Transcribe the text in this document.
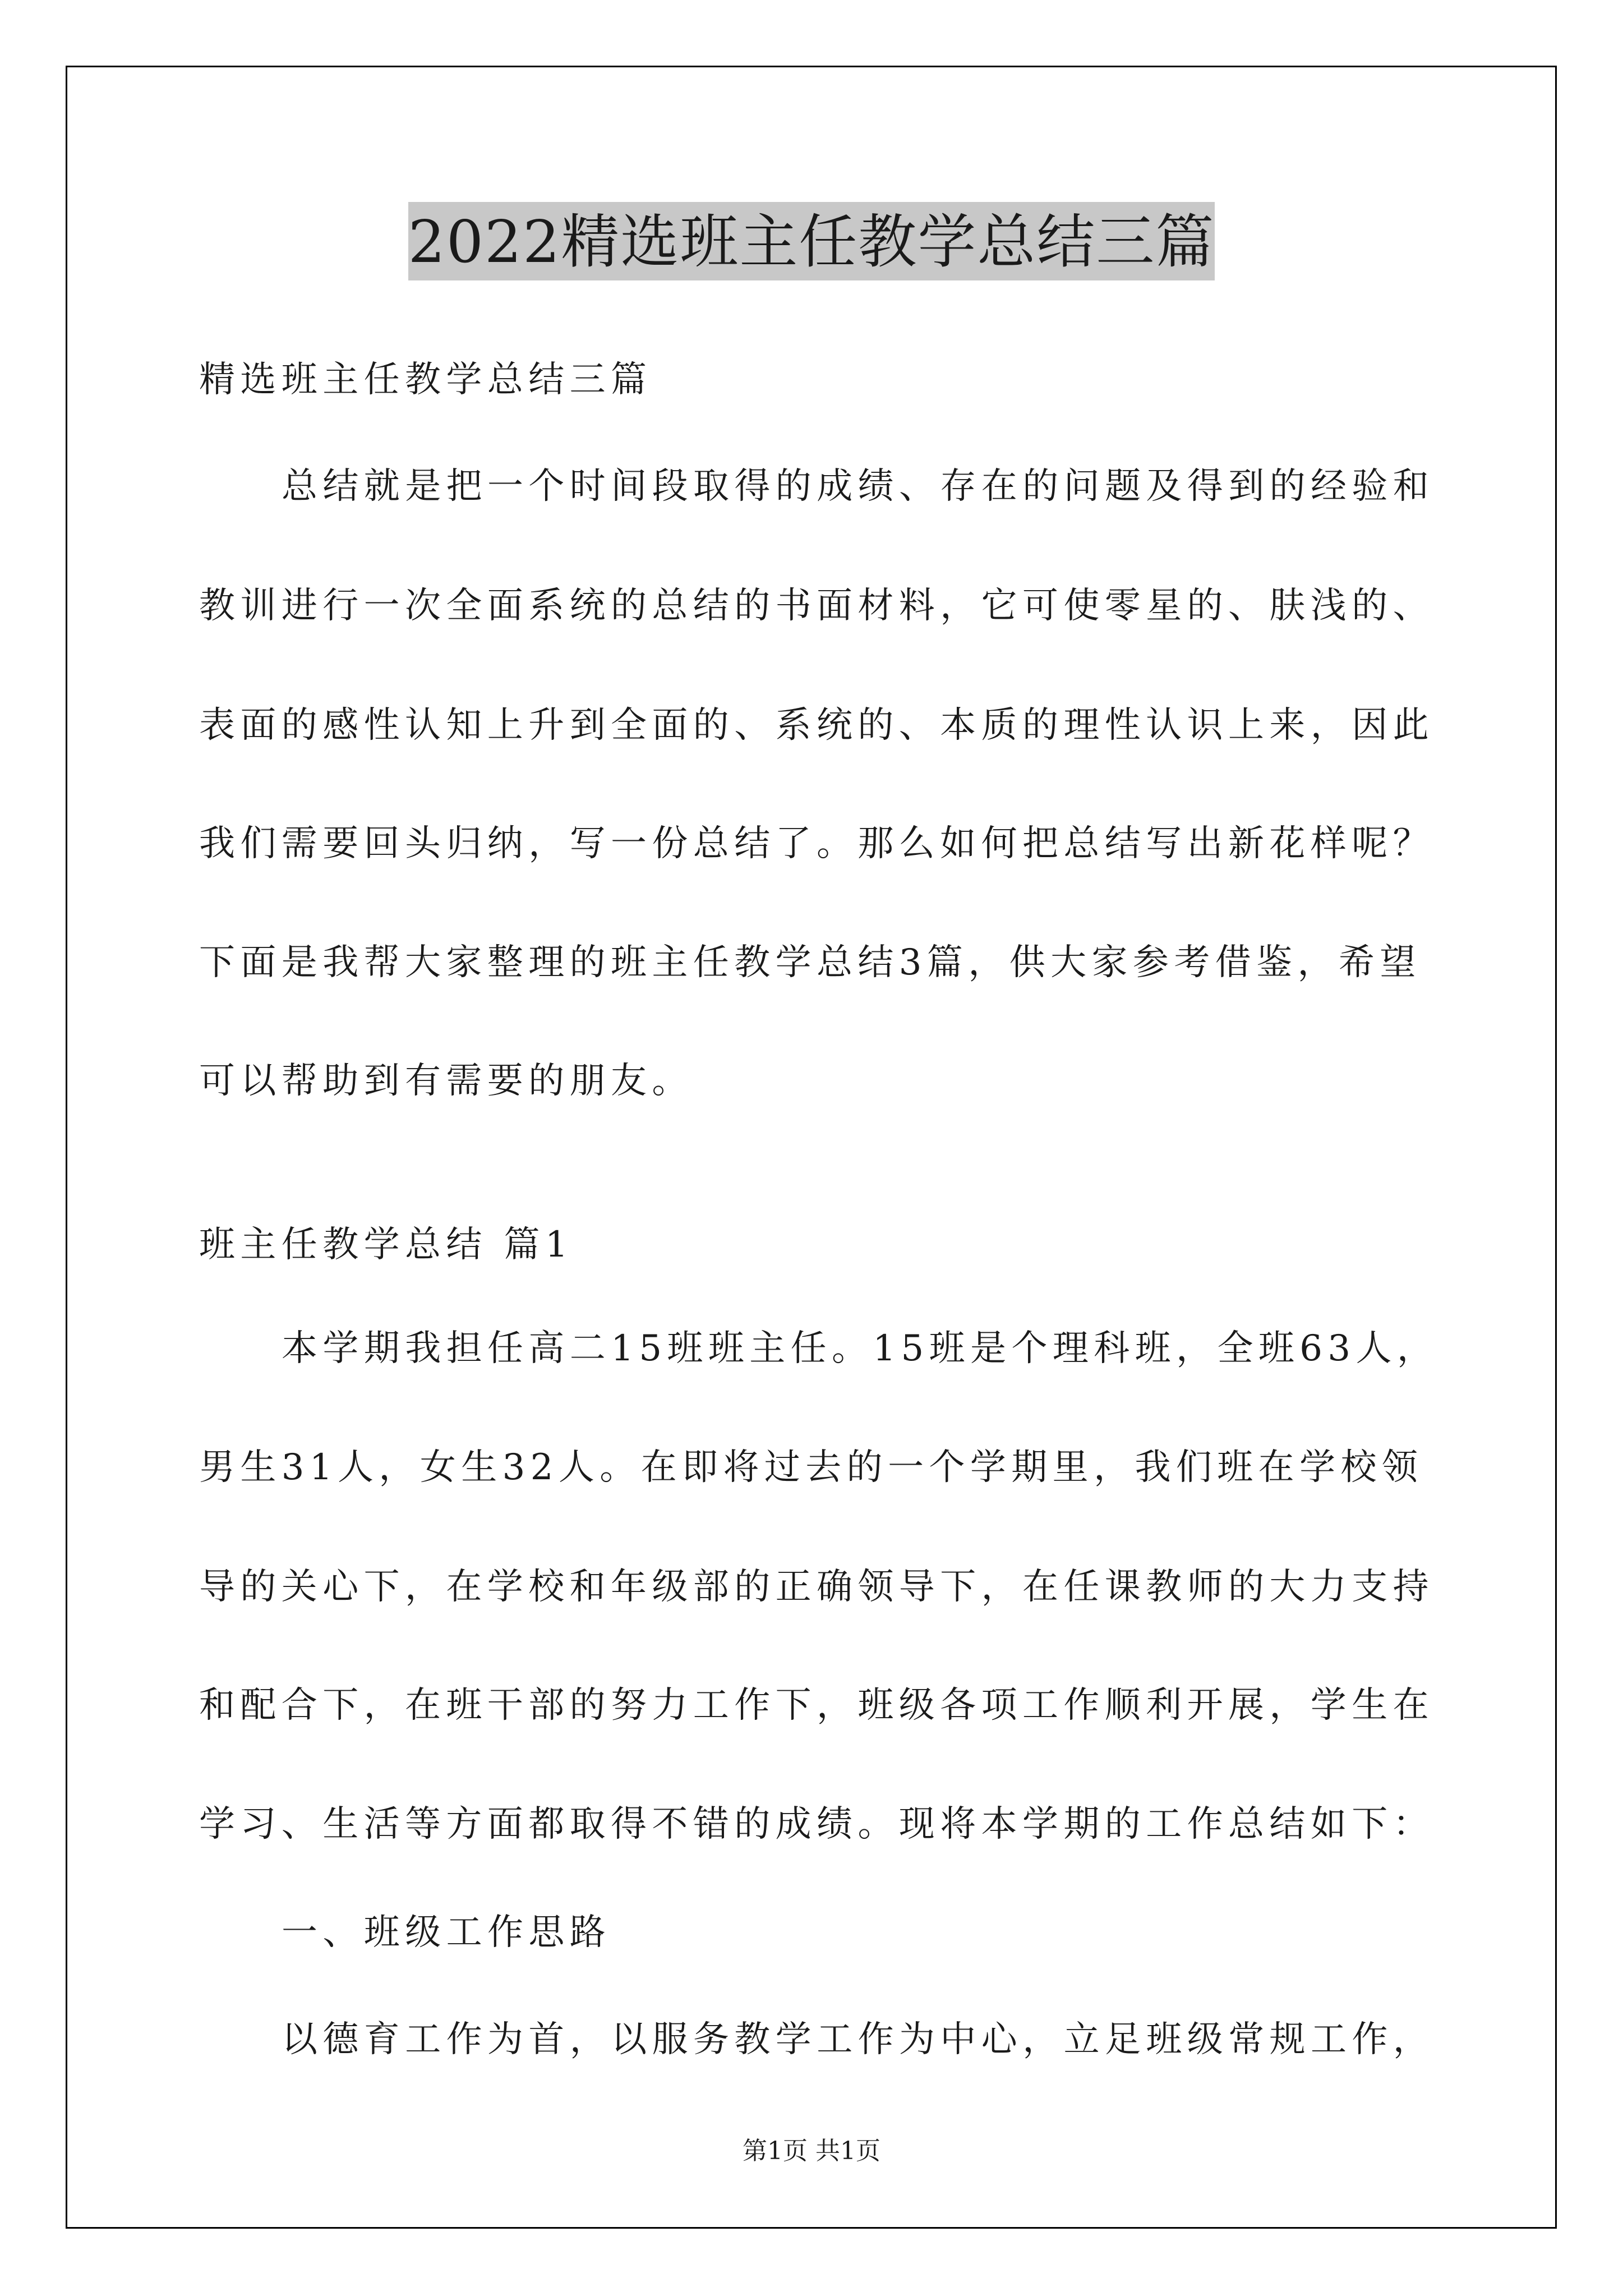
2022精选班主任教学总结三篇
精选班主任教学总结三篇
总结就是把一个时间段取得的成绩、存在的问题及得到的经验和
教训进行一次全面系统的总结的书面材料，它可使零星的、肤浅的、
表面的感性认知上升到全面的、系统的、本质的理性认识上来，因此
我们需要回头归纳，写一份总结了。那么如何把总结写出新花样呢？
下面是我帮大家整理的班主任教学总结3篇，供大家参考借鉴，希望
可以帮助到有需要的朋友。
班主任教学总结 篇1
本学期我担任高二15班班主任。15班是个理科班，全班63人，
男生31人，女生32人。在即将过去的一个学期里，我们班在学校领
导的关心下，在学校和年级部的正确领导下，在任课教师的大力支持
和配合下，在班干部的努力工作下，班级各项工作顺利开展，学生在
学习、生活等方面都取得不错的成绩。现将本学期的工作总结如下：
一、班级工作思路
以德育工作为首，以服务教学工作为中心，立足班级常规工作，
第1页 共1页
